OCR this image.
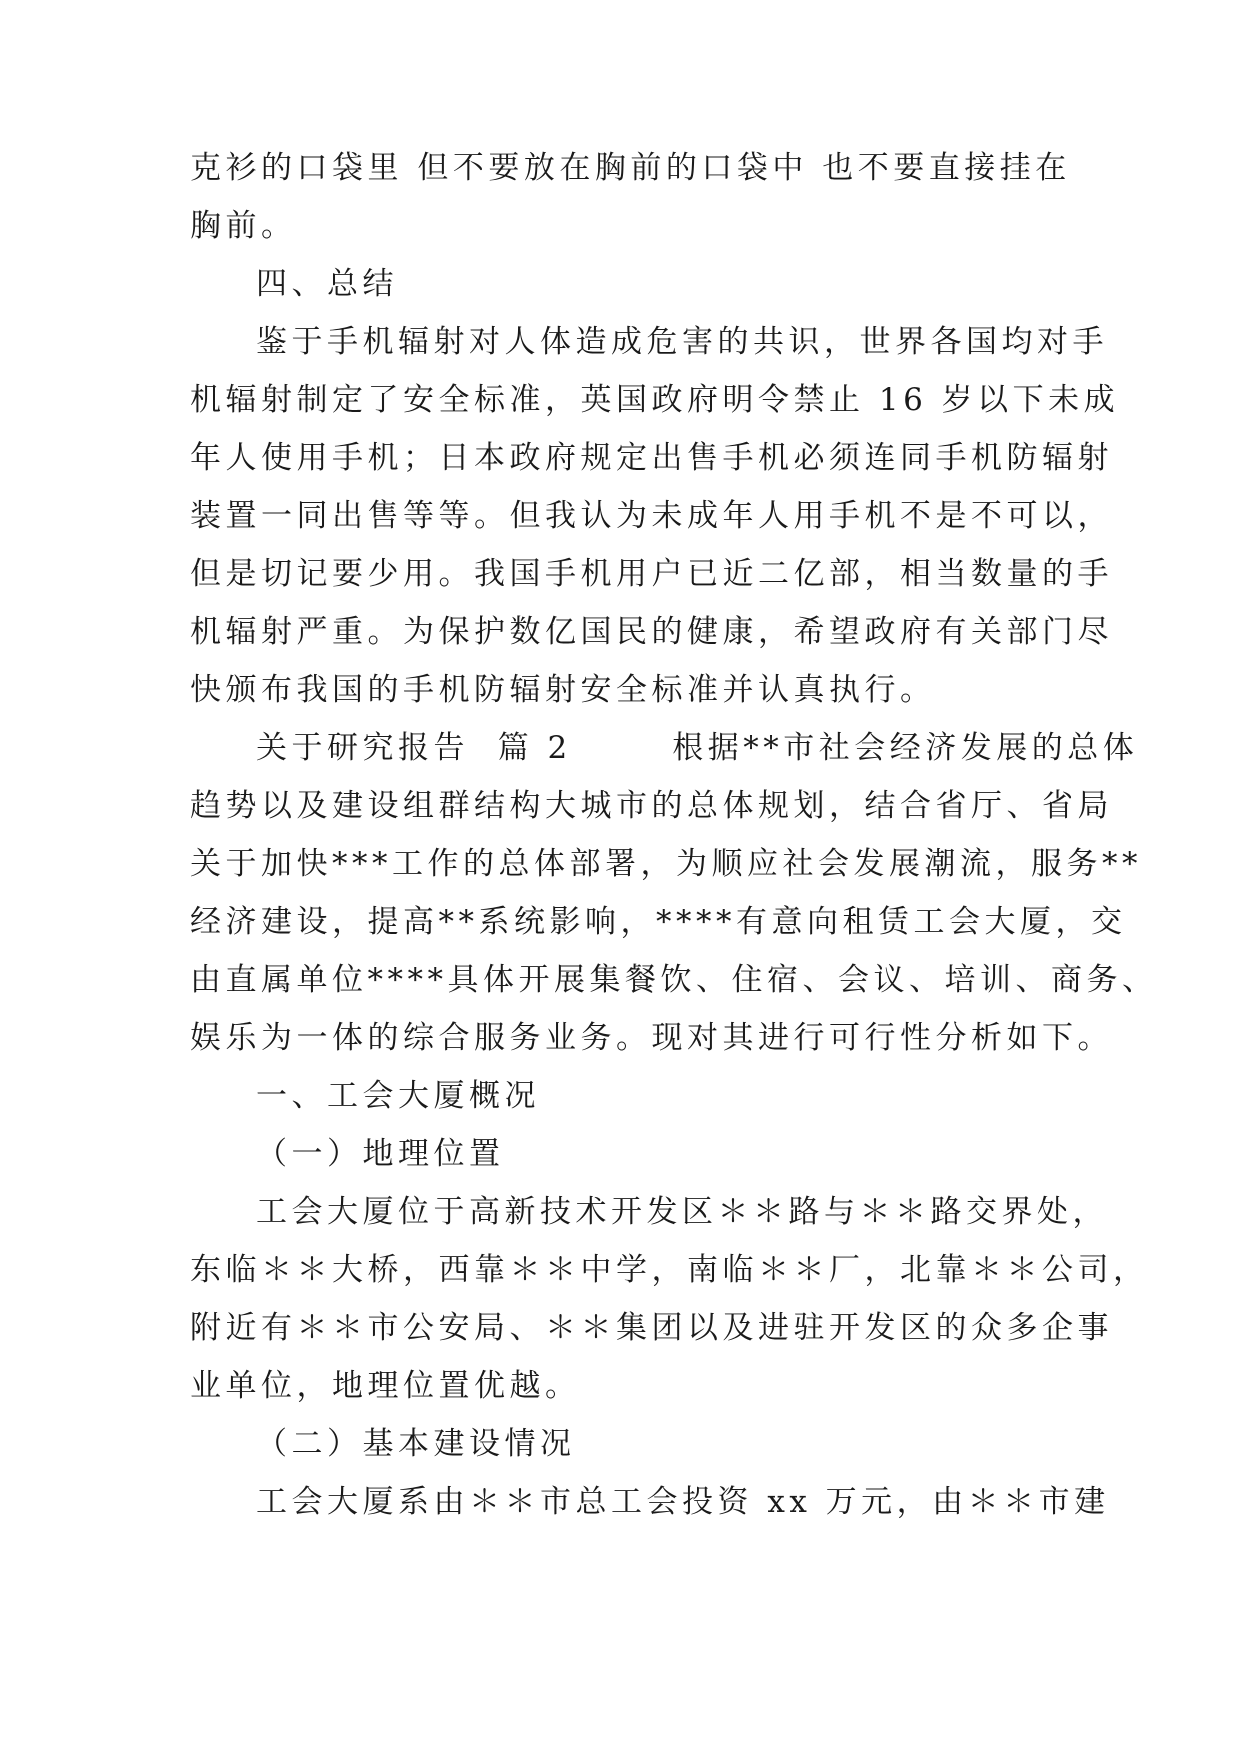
克衫的口袋里 但不要放在胸前的口袋中 也不要直接挂在
胸前。
四、总结
鉴于手机辐射对人体造成危害的共识，世界各国均对手
机辐射制定了安全标准，英国政府明令禁止 16 岁以下未成
年人使用手机；日本政府规定出售手机必须连同手机防辐射
装置一同出售等等。但我认为未成年人用手机不是不可以，
但是切记要少用。我国手机用户已近二亿部，相当数量的手
机辐射严重。为保护数亿国民的健康，希望政府有关部门尽
快颁布我国的手机防辐射安全标准并认真执行。
关于研究报告  篇 2       根据**市社会经济发展的总体
趋势以及建设组群结构大城市的总体规划，结合省厅、省局
关于加快***工作的总体部署，为顺应社会发展潮流，服务**
经济建设，提高**系统影响，****有意向租赁工会大厦，交
由直属单位****具体开展集餐饮、住宿、会议、培训、商务、
娱乐为一体的综合服务业务。现对其进行可行性分析如下。
一、工会大厦概况
（一）地理位置
工会大厦位于高新技术开发区＊＊路与＊＊路交界处，
东临＊＊大桥，西靠＊＊中学，南临＊＊厂，北靠＊＊公司，
附近有＊＊市公安局、＊＊集团以及进驻开发区的众多企事
业单位，地理位置优越。
（二）基本建设情况
工会大厦系由＊＊市总工会投资 xx 万元，由＊＊市建
